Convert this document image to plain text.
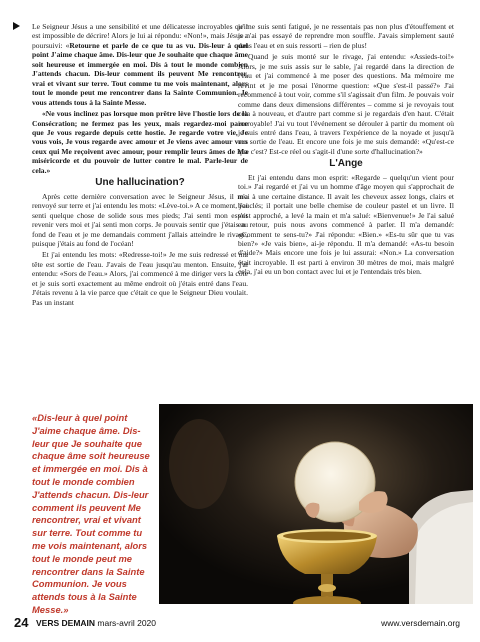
Le Seigneur Jésus a une sensibilité et une délicatesse incroyables qu'il est impossible de décrire! Alors je lui ai répondu: «Non!», mais Jésus a poursuivi: «Retourne et parle de ce que tu as vu. Dis-leur à quel point J'aime chaque âme. Dis-leur que Je souhaite que chaque âme soit heureuse et immergée en moi. Dis à tout le monde combien J'attends chacun. Dis-leur comment ils peuvent Me rencontrer, vrai et vivant sur terre. Tout comme tu me vois maintenant, alors tout le monde peut me rencontrer dans la Sainte Communion. Je vous attends tous à la Sainte Messe.

«Ne vous inclinez pas lorsque mon prêtre lève l'hostie lors de la Consécration; ne fermez pas les yeux, mais regardez-moi parce que Je vous regarde depuis cette hostie. Je regarde votre vie, Je vous vois, Je vous regarde avec amour et Je viens avec amour vers ceux qui Me reçoivent avec amour, pour remplir leurs âmes de Ma miséricorde et du pouvoir de lutter contre le mal. Parle-leur de cela.»

Une hallucination?

Après cette dernière conversation avec le Seigneur Jésus, il m'a renvoyé sur terre et j'ai entendu les mots: «Lève-toi.» A ce moment, j'ai senti quelque chose de solide sous mes pieds; J'ai senti mon esprit revenir vers moi et j'ai senti mon corps. Je pouvais sentir que j'étais au fond de l'eau et je me demandais comment j'allais atteindre le rivage, puisque j'étais au fond de l'océan!

Et j'ai entendu les mots: «Redresse-toi!» Je me suis redressé et ma tête est sortie de l'eau. J'avais de l'eau jusqu'au menton. Ensuite, j'ai entendu: «Sors de l'eau.» Alors, j'ai commencé à me diriger vers la côte et je suis sorti exactement au même endroit où j'étais entré dans l'eau. J'étais revenu à la vie parce que c'était ce que le Seigneur Dieu voulait. Pas un instant

je me suis senti fatigué, je ne ressentais pas non plus d'étouffement et je n'ai pas essayé de reprendre mon souffle. J'avais simplement sauté dans l'eau et en suis ressorti – rien de plus!

Quand je suis monté sur le rivage, j'ai entendu: «Assieds-toi!» Alors, je me suis assis sur le sable, j'ai regardé dans la direction de l'eau et j'ai commencé à me poser des questions. Ma mémoire me revint et je me posai l'énorme question: «Que s'est-il passé?» J'ai recommencé à tout voir, comme s'il s'agissait d'un film. Je pouvais voir comme dans deux dimensions différentes – comme si je revoyais tout cela à nouveau, et d'autre part comme si je regardais d'en haut. C'était incroyable! J'ai vu tout l'événement se dérouler à partir du moment où je suis entré dans l'eau, à travers l'expérience de la noyade et jusqu'à ma sortie de l'eau. Et encore une fois je me suis demandé: «Qu'est-ce que c'est? Est-ce réel ou s'agit-il d'une sorte d'hallucination?»

L'Ange

Et j'ai entendu dans mon esprit: «Regarde – quelqu'un vient pour toi.» J'ai regardé et j'ai vu un homme d'âge moyen qui s'approchait de moi à une certaine distance. Il avait les cheveux assez longs, clairs et bouclés; il portait une belle chemise de couleur pastel et un livre. Il s'est approché, a levé la main et m'a salué: «Bienvenue!» Je l'ai salué en retour, puis nous avons commencé à parler. Il m'a demandé: «Comment te sens-tu?» J'ai répondu: «Bien.» «Es-tu sûr que tu vas bien?» «Je vais bien», ai-je répondu. Il m'a demandé: «As-tu besoin d'aide?» Mais encore une fois je lui assurai: «Non.» La conversation était incroyable. Il est parti à environ 30 mètres de moi, mais malgré cela, j'ai eu un bon contact avec lui et je l'entendais très bien.

«Dis-leur à quel point J'aime chaque âme. Dis-leur que Je souhaite que chaque âme soit heureuse et immergée en moi. Dis à tout le monde combien J'attends chacun. Dis-leur comment ils peuvent Me rencontrer, vrai et vivant sur terre. Tout comme tu me vois maintenant, alors tout le monde peut me rencontrer dans la Sainte Communion. Je vous attends tous à la Sainte Messe.»
24 VERS DEMAIN mars-avril 2020	www.versdemain.org
